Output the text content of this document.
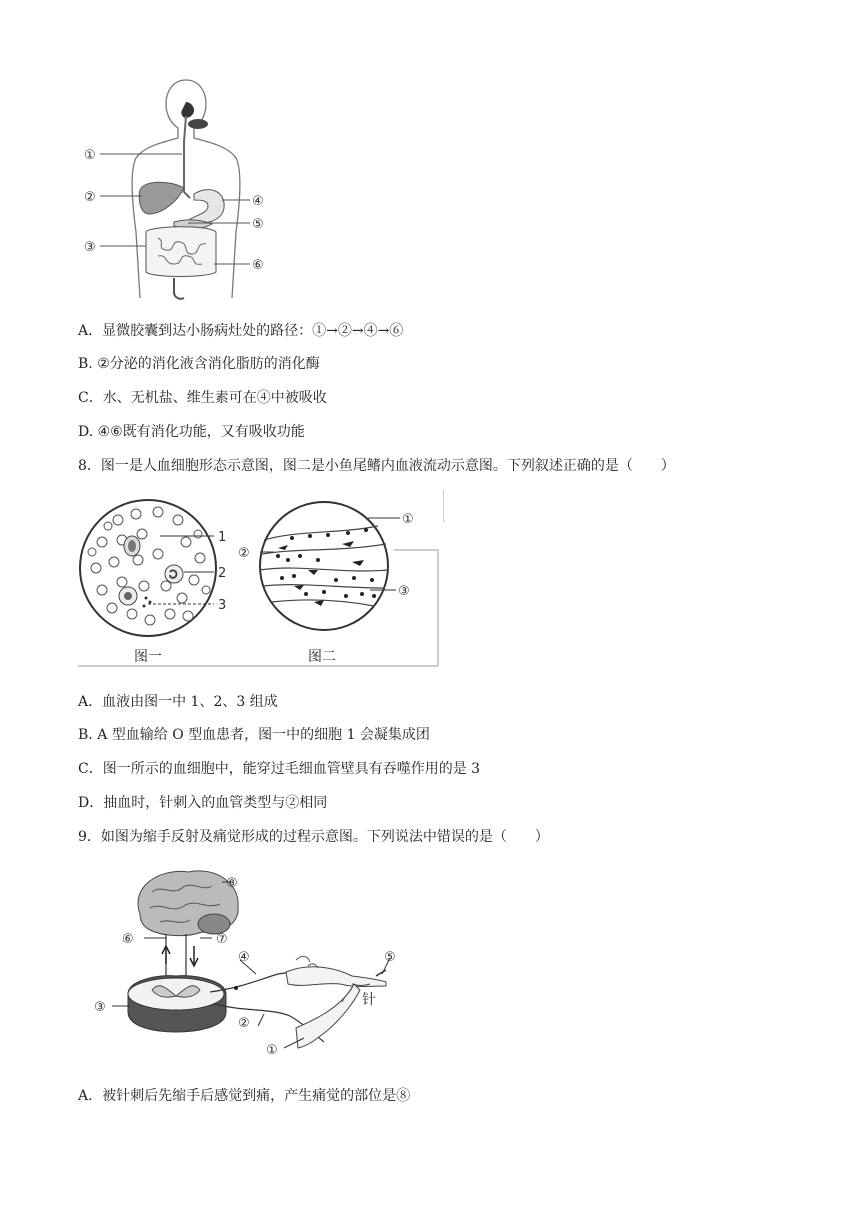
①
②
③
④
⑤
⑥
A．显微胶囊到达小肠病灶处的路径：①→②→④→⑥
B. ②分泌的消化液含消化脂肪的消化酶
C．水、无机盐、维生素可在④中被吸收
D. ④⑥既有消化功能，又有吸收功能
8．图一是人血细胞形态示意图，图二是小鱼尾鳍内血液流动示意图。下列叙述正确的是（　　）
1
2
3
①
②
③
图一	图二
A．血液由图一中 1、2、3 组成
B. A 型血输给 O 型血患者，图一中的细胞 1 会凝集成团
C．图一所示的血细胞中，能穿过毛细血管壁具有吞噬作用的是 3
D．抽血时，针刺入的血管类型与②相同
9．如图为缩手反射及痛觉形成的过程示意图。下列说法中错误的是（　　）
⑧
⑥	⑦
③
④	⑤
②
①
针
A．被针刺后先缩手后感觉到痛，产生痛觉的部位是⑧
